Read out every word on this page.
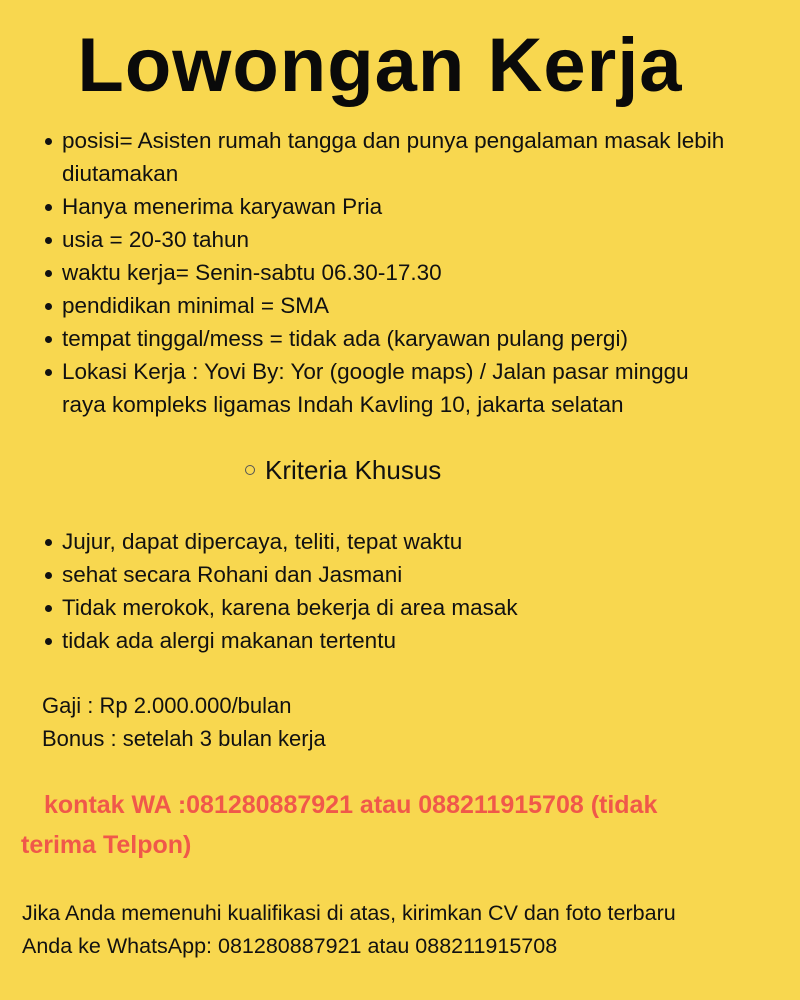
Lowongan Kerja
posisi= Asisten rumah tangga dan punya pengalaman masak lebih
diutamakan
Hanya menerima karyawan Pria
usia = 20-30 tahun
waktu kerja= Senin-sabtu 06.30-17.30
pendidikan minimal = SMA
tempat tinggal/mess = tidak ada (karyawan pulang pergi)
Lokasi Kerja : Yovi By: Yor (google maps) / Jalan pasar minggu
raya kompleks ligamas Indah Kavling 10, jakarta selatan
Kriteria Khusus
Jujur, dapat dipercaya, teliti, tepat waktu
sehat secara Rohani dan Jasmani
Tidak merokok, karena bekerja di area masak
tidak ada alergi makanan tertentu
Gaji : Rp 2.000.000/bulan
Bonus : setelah 3 bulan kerja
kontak WA :081280887921 atau 088211915708 (tidak
terima Telpon)
Jika Anda memenuhi kualifikasi di atas, kirimkan CV dan foto terbaru
Anda ke WhatsApp: 081280887921 atau 088211915708
